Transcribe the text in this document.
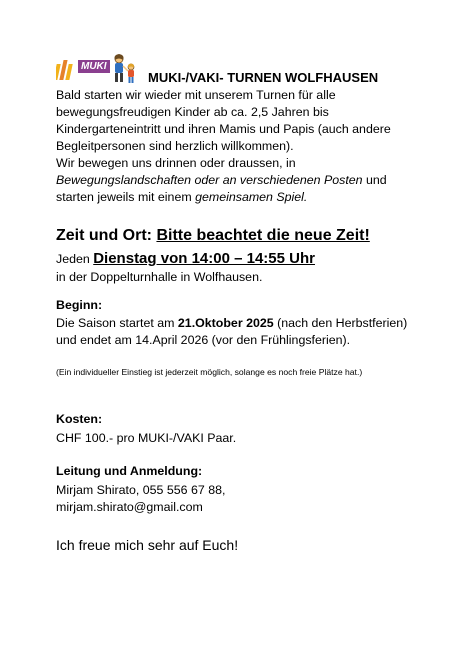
MUKI
MUKI-/VAKI- TURNEN WOLFHAUSEN
Bald starten wir wieder mit unserem Turnen für alle bewegungsfreudigen Kinder ab ca. 2,5 Jahren bis Kindergarteneintritt und ihren Mamis und Papis (auch andere Begleitpersonen sind herzlich willkommen).
Wir bewegen uns drinnen oder draussen, in Bewegungslandschaften oder an verschiedenen Posten und starten jeweils mit einem gemeinsamen Spiel.
Zeit und Ort: Bitte beachtet die neue Zeit!
Jeden Dienstag von 14:00 – 14:55 Uhr
in der Doppelturnhalle in Wolfhausen.
Beginn:
Die Saison startet am 21.Oktober 2025 (nach den Herbstferien) und endet am 14.April 2026 (vor den Frühlingsferien).
(Ein individueller Einstieg ist jederzeit möglich, solange es noch freie Plätze hat.)
Kosten:
CHF 100.- pro MUKI-/VAKI Paar.
Leitung und Anmeldung:
Mirjam Shirato, 055 556 67 88,
mirjam.shirato@gmail.com
Ich freue mich sehr auf Euch!
